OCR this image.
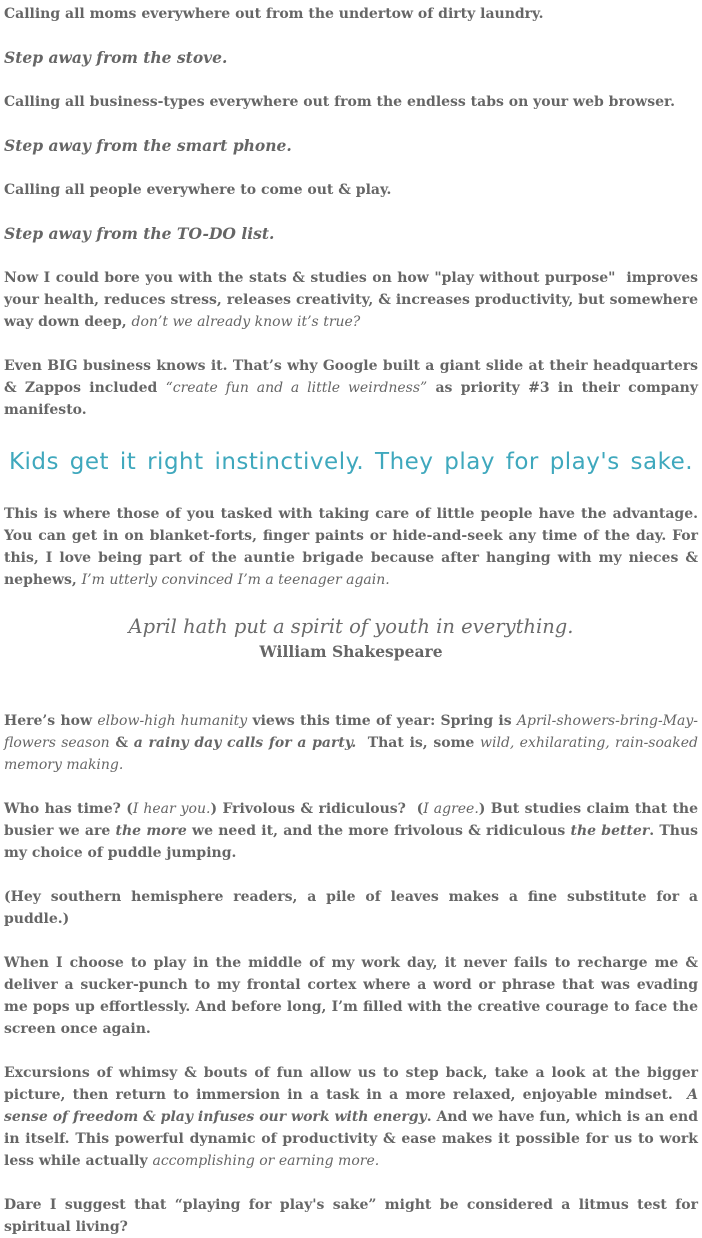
Calling all moms everywhere out from the undertow of dirty laundry.

Step away from the stove.

Calling all business-types everywhere out from the endless tabs on your web browser.

Step away from the smart phone.

Calling all people everywhere to come out & play.

Step away from the TO-DO list.

Now I could bore you with the stats & studies on how "play without purpose"  improves your health, reduces stress, releases creativity, & increases productivity, but somewhere way down deep, don’t we already know it’s true?

Even BIG business knows it. That’s why Google built a giant slide at their headquarters & Zappos included “create fun and a little weirdness” as priority #3 in their company manifesto.

Kids get it right instinctively. They play for play's sake.

This is where those of you tasked with taking care of little people have the advantage. You can get in on blanket-forts, finger paints or hide-and-seek any time of the day. For this, I love being part of the auntie brigade because after hanging with my nieces & nephews, I’m utterly convinced I’m a teenager again.

April hath put a spirit of youth in everything.

William Shakespeare

Here’s how elbow-high humanity views this time of year: Spring is April-showers-bring-May-flowers season & a rainy day calls for a party.  That is, some wild, exhilarating, rain-soaked memory making.

Who has time? (I hear you.) Frivolous & ridiculous?  (I agree.) But studies claim that the busier we are the more we need it, and the more frivolous & ridiculous the better. Thus my choice of puddle jumping.

(Hey southern hemisphere readers, a pile of leaves makes a fine substitute for a puddle.)

When I choose to play in the middle of my work day, it never fails to recharge me & deliver a sucker-punch to my frontal cortex where a word or phrase that was evading me pops up effortlessly. And before long, I’m filled with the creative courage to face the screen once again.

Excursions of whimsy & bouts of fun allow us to step back, take a look at the bigger picture, then return to immersion in a task in a more relaxed, enjoyable mindset.  A sense of freedom & play infuses our work with energy. And we have fun, which is an end in itself. This powerful dynamic of productivity & ease makes it possible for us to work less while actually accomplishing or earning more.

Dare I suggest that “playing for play's sake” might be considered a litmus test for spiritual living?
